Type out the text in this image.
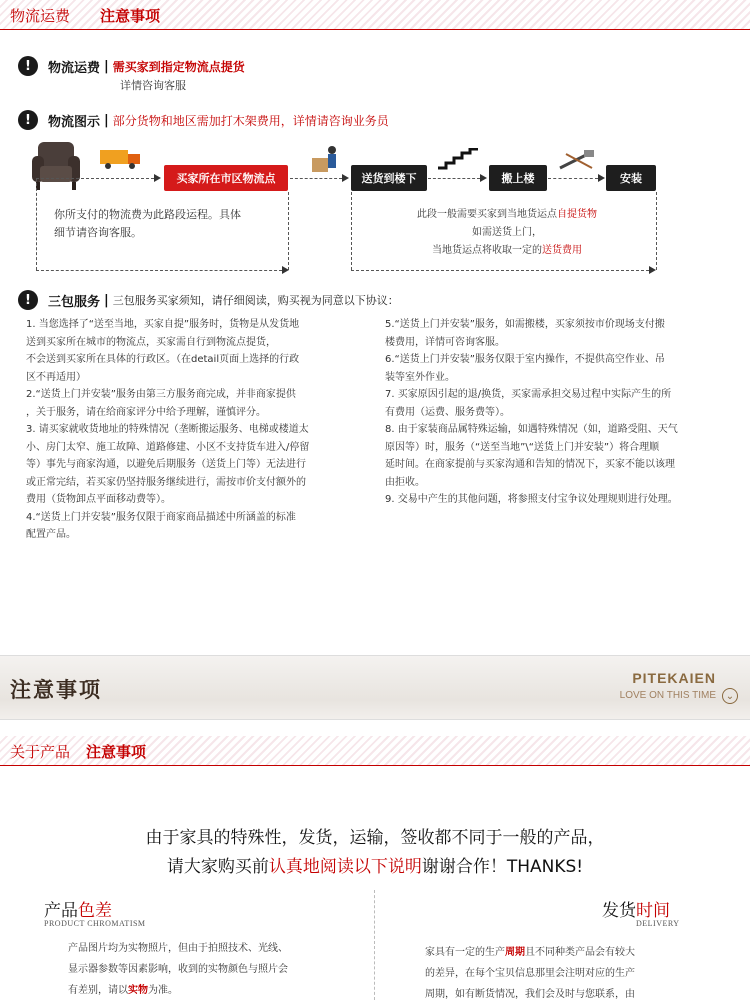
物流运费 注意事项
!	物流运费 | 需买家到指定物流点提货
详情咨询客服
!	物流图示 | 部分货物和地区需加打木架费用，详情请咨询业务员
买家所在市区物流点	送货到楼下	搬上楼	安装
你所支付的物流费为此路段运程。具体
细节请咨询客服。
此段一般需要买家到当地货运点自提货物
如需送货上门，
当地货运点将收取一定的送货费用
!	三包服务 | 三包服务买家须知，请仔细阅读，购买视为同意以下协议：
1. 当您选择了“送至当地，买家自提”服务时，货物是从发货地
送到买家所在城市的物流点，买家需自行到物流点提货，
不会送到买家所在具体的行政区。（在detail页面上选择的行政
区不再适用）
2.“送货上门并安装”服务由第三方服务商完成，并非商家提供
，关于服务，请在给商家评分中给予理解，谨慎评分。
3. 请买家就收货地址的特殊情况（垄断搬运服务、电梯或楼道太
小、房门太窄、施工故障、道路修建、小区不支持货车进入/停留
等）事先与商家沟通，以避免后期服务（送货上门等）无法进行
或正常完结，若买家仍坚持服务继续进行，需按市价支付额外的
费用（货物卸点平面移动费等）。
4.“送货上门并安装”服务仅限于商家商品描述中所涵盖的标准
配置产品。
5.“送货上门并安装”服务，如需搬楼，买家须按市价现场支付搬
楼费用，详情可咨询客服。
6.“送货上门并安装”服务仅限于室内操作，不提供高空作业、吊
装等室外作业。
7. 买家原因引起的退/换货，买家需承担交易过程中实际产生的所
有费用（运费、服务费等）。
8. 由于家装商品属特殊运输，如遇特殊情况（如，道路受阻、天气
原因等）时，服务（“送至当地”\“送货上门并安装”）将合理顺
延时间。在商家提前与买家沟通和告知的情况下，买家不能以该理
由拒收。
9. 交易中产生的其他问题，将参照支付宝争议处理规则进行处理。
注意事项	PITEKAIEN
LOVE ON THIS TIME ⌄
关于产品 注意事项
由于家具的特殊性，发货，运输，签收都不同于一般的产品，
请大家购买前认真地阅读以下说明谢谢合作！THANKS!
产品色差
PRODUCT CHROMATISM
产品图片均为实物照片，但由于拍照技术、光线、
显示器参数等因素影响，收到的实物颜色与照片会
有差别，请以实物为准。
发货时间
DELIVERY
家具有一定的生产周期且不同种类产品会有较大
的差异，在每个宝贝信息那里会注明对应的生产
周期，如有断货情况，我们会及时与您联系，由
